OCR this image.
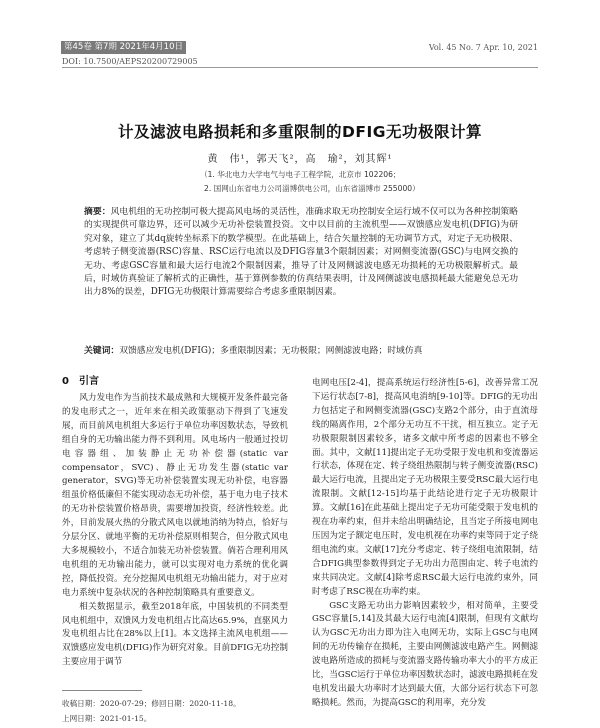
第45卷 第7期 2021年4月10日	Vol. 45 No. 7 Apr. 10, 2021
DOI: 10.7500/AEPS20200729005
计及滤波电路损耗和多重限制的DFIG无功极限计算
黄　伟¹，郭天飞²，高　瑜²，刘其辉¹
（1. 华北电力大学电气与电子工程学院，北京市 102206；
2. 国网山东省电力公司淄博供电公司，山东省淄博市 255000）
摘要：风电机组的无功控制可极大提高风电场的灵活性，准确求取无功控制安全运行域不仅可以为各种控制策略的实现提供可靠边界，还可以减少无功补偿装置投资。文中以目前的主流机型——双馈感应发电机(DFIG)为研究对象，建立了其dq旋转坐标系下的数学模型。在此基础上，结合矢量控制的无功调节方式，对定子无功极限、考虑转子侧变流器(RSC)容量、RSC运行电流以及DFIG容量3个限制因素；对网侧变流器(GSC)与电网交换的无功、考虑GSC容量和最大运行电流2个限制因素，推导了计及网侧滤波电感无功损耗的无功极限解析式。最后，时域仿真验证了解析式的正确性，基于算例参数的仿真结果表明，计及网侧滤波电感损耗最大能避免总无功出力8%的误差，DFIG无功极限计算需要综合考虑多重限制因素。
关键词：双馈感应发电机(DFIG)；多重限制因素；无功极限；网侧滤波电路；时域仿真
0　引言

风力发电作为当前技术最成熟和大规模开发条件最完备的发电形式之一，近年来在相关政策驱动下得到了飞速发展，而目前风电机组大多运行于单位功率因数状态，导致机组自身的无功输出能力得不到利用。风电场内一般通过投切电容器组、加装静止无功补偿器(static var compensator，SVC)、静止无功发生器(static var generator，SVG)等无功补偿装置实现无功补偿，电容器组虽价格低廉但不能实现动态无功补偿，基于电力电子技术的无功补偿装置价格昂贵，需要增加投资，经济性较差。此外，目前发展火热的分散式风电以就地消纳为特点，恰好与分层分区、就地平衡的无功补偿原则相契合，但分散式风电大多规模较小，不适合加装无功补偿装置。倘若合理利用风电机组的无功输出能力，就可以实现对电力系统的优化调控，降低投资。充分挖掘风电机组无功输出能力，对于应对电力系统中复杂状况的各种控制策略具有重要意义。

相关数据显示，截至2018年底，中国装机的不同类型风电机组中，双馈风力发电机组占比高达65.9%，直驱风力发电机组占比在28%以上[1]。本文选择主流风电机组——双馈感应发电机(DFIG)作为研究对象。目前DFIG无功控制主要应用于调节

电网电压[2-4]，提高系统运行经济性[5-6]，改善异常工况下运行状态[7-8]，提高风电消纳[9-10]等。DFIG的无功出力包括定子和网侧变流器(GSC)支路2个部分，由于直流母线的隔离作用，2个部分无功互不干扰，相互独立。定子无功极限限制因素较多，诸多文献中所考虑的因素也不够全面。其中，文献[11]提出定子无功受限于发电机和变流器运行状态，体现在定、转子绕组热限制与转子侧变流器(RSC)最大运行电流，且提出定子无功极限主要受RSC最大运行电流限制。文献[12-15]均基于此结论进行定子无功极限计算。文献[16]在此基础上提出定子无功可能受限于发电机的视在功率约束，但并未给出明确结论，且当定子所接电网电压因为定子额定电压时，发电机视在功率约束等同于定子绕组电流约束。文献[17]充分考虑定、转子绕组电流限制，结合DFIG典型参数得到定子无功出力范围由定、转子电流约束共同决定。文献[4]除考虑RSC最大运行电流约束外，同时考虑了RSC视在功率约束。

GSC支路无功出力影响因素较少，相对简单，主要受GSC容量[5,14]及其最大运行电流[4]限制，但现有文献均认为GSC无功出力即为注入电网无功，实际上GSC与电网间的无功传输存在损耗，主要由网侧滤波电路产生。网侧滤波电路所造成的损耗与变流器支路传输功率大小的平方成正比，当GSC运行于单位功率因数状态时，滤波电路损耗在发电机发出最大功率时才达到最大值，大部分运行状态下可忽略损耗。然而，为提高GSC的利用率，充分发

收稿日期：2020-07-29；修回日期：2020-11-18。
上网日期：2021-01-15。
